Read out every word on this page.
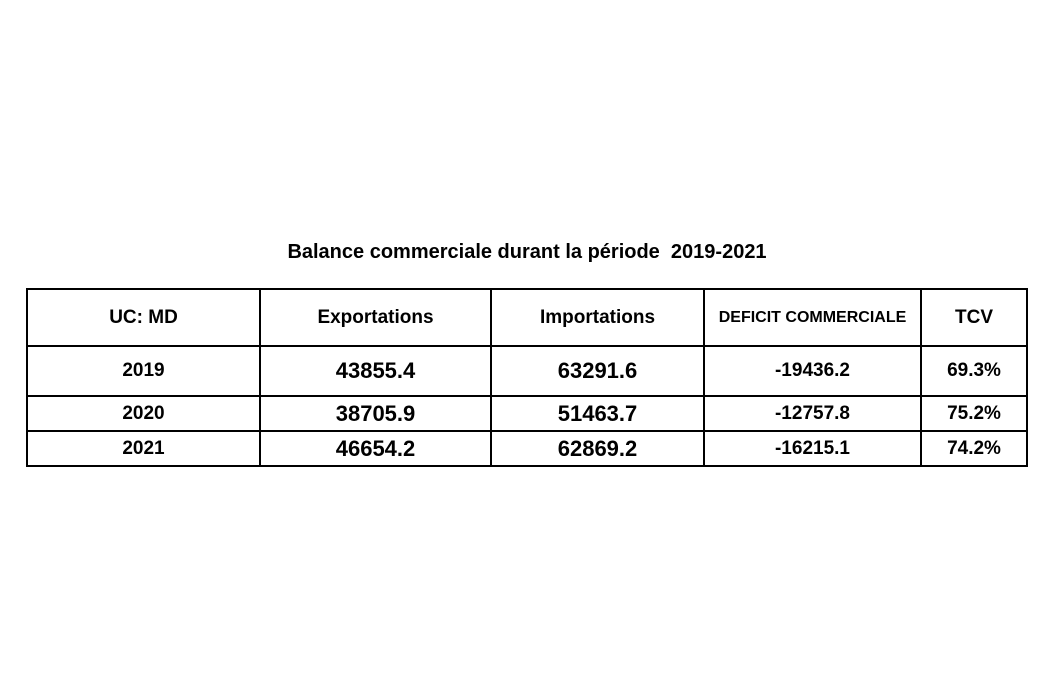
Balance commerciale durant la période  2019-2021
UC: MD	Exportations	Importations	DEFICIT COMMERCIALE	TCV
2019	43855.4	63291.6	-19436.2	69.3%
2020	38705.9	51463.7	-12757.8	75.2%
2021	46654.2	62869.2	-16215.1	74.2%
